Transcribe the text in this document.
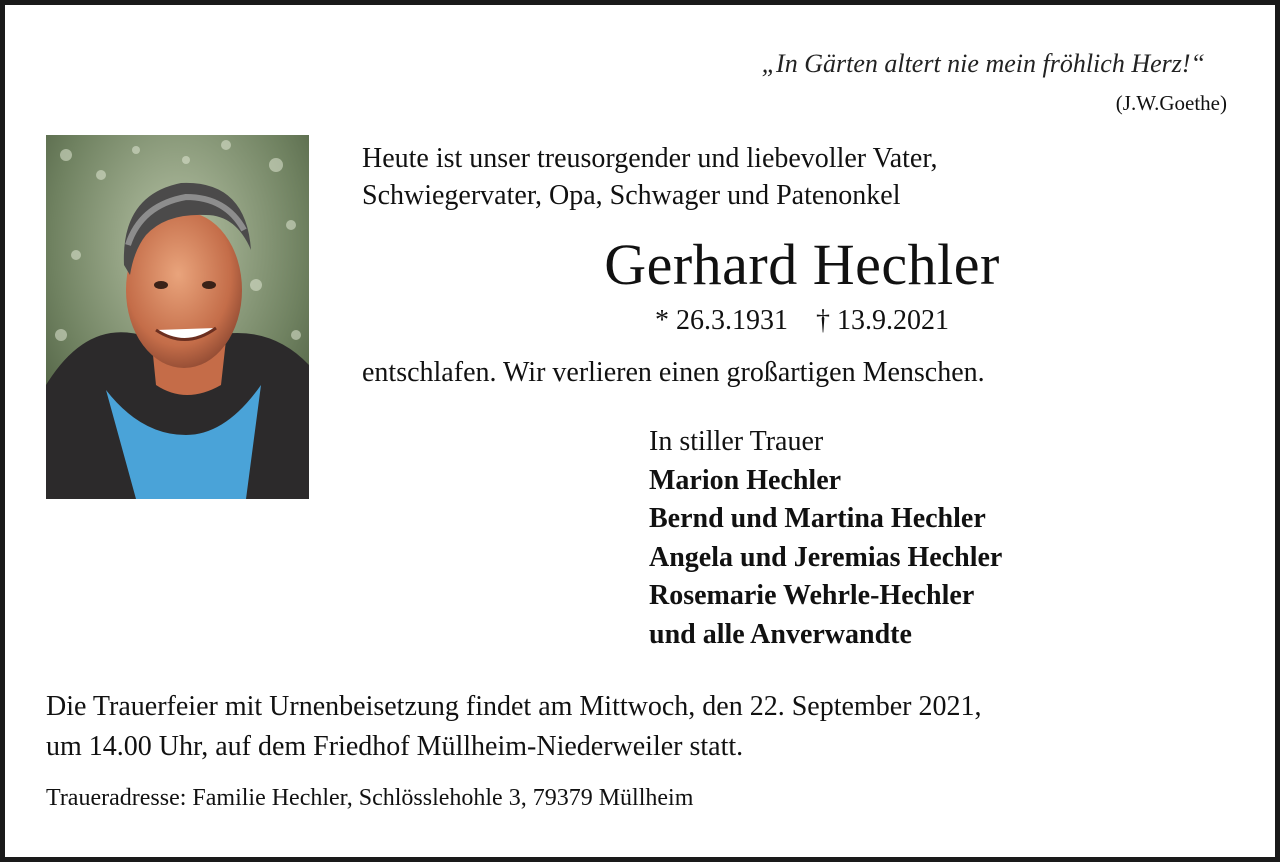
„In Gärten altert nie mein fröhlich Herz!“
(J.W.Goethe)
Heute ist unser treusorgender und liebevoller Vater,
Schwiegervater, Opa, Schwager und Patenonkel
Gerhard Hechler
* 26.3.1931 † 13.9.2021
entschlafen. Wir verlieren einen großartigen Menschen.
In stiller Trauer
Marion Hechler
Bernd und Martina Hechler
Angela und Jeremias Hechler
Rosemarie Wehrle-Hechler
und alle Anverwandte
Die Trauerfeier mit Urnenbeisetzung findet am Mittwoch, den 22. September 2021,
um 14.00 Uhr, auf dem Friedhof Müllheim-Niederweiler statt.
Traueradresse: Familie Hechler, Schlösslehohle 3, 79379 Müllheim
